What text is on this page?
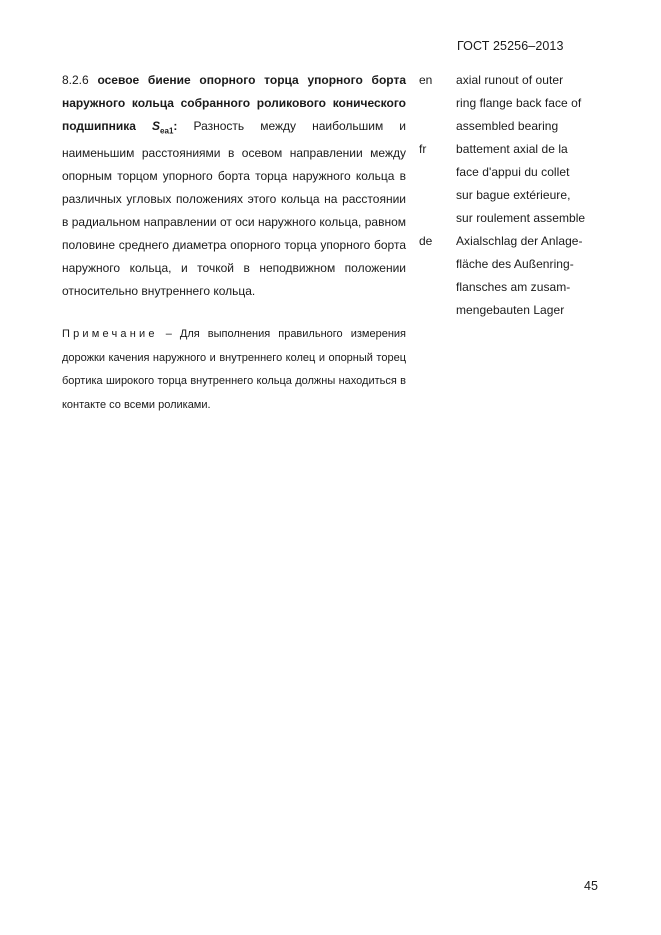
ГОСТ 25256–2013
8.2.6 осевое биение опорного торца упорного борта наружного кольца собранного роликового конического подшипника $S_{ea1}$: Разность между наибольшим и наименьшим расстояниями в осевом направлении между опорным торцом упорного борта торца наружного кольца в различных угловых положениях этого кольца на расстоянии в радиальном направлении от оси наружного кольца, равном половине среднего диаметра опорного торца упорного борта наружного кольца, и точкой в неподвижном положении относительно внутреннего кольца.
Примечание – Для выполнения правильного измерения дорожки качения наружного и внутреннего колец и опорный торец бортика широкого торца внутреннего кольца должны находиться в контакте со всеми роликами.
en axial runout of outer
ring flange back face of
assembled bearing
fr battement axial de la
face d'appui du collet
sur bague extérieure,
sur roulement assemble
de Axialschlag der Anlage-
fläche des Außenring-
flansches am zusam-
mengebauten Lager
45
